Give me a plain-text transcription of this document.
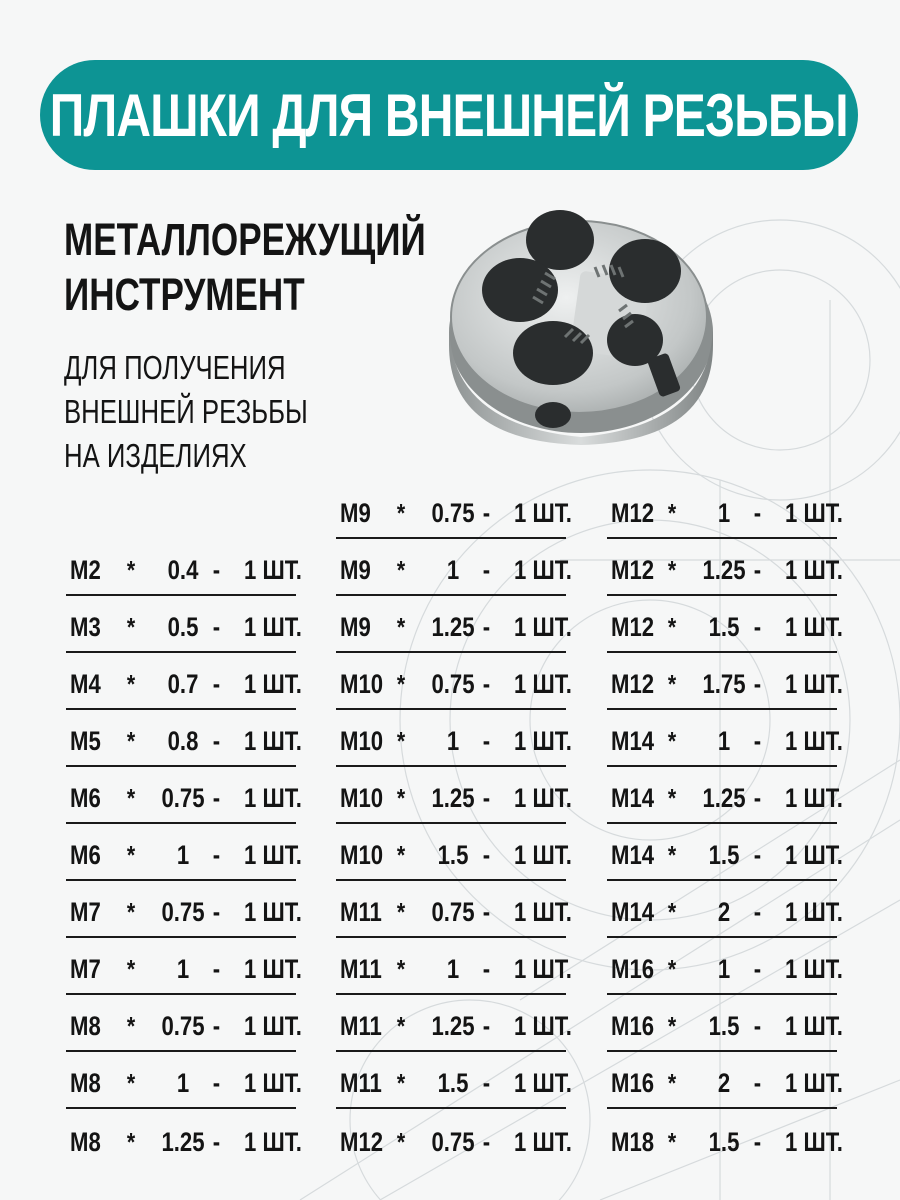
ПЛАШКИ ДЛЯ ВНЕШНЕЙ РЕЗЬБЫ
МЕТАЛЛОРЕЖУЩИЙ
ИНСТРУМЕНТ

ДЛЯ ПОЛУЧЕНИЯ
ВНЕШНЕЙ РЕЗЬБЫ
НА ИЗДЕЛИЯХ

M2 *	0.4 - 1 ШТ.
M3 *	0.5 - 1 ШТ.
M4 *	0.7 - 1 ШТ.
M5 *	0.8 - 1 ШТ.
M6 * 0.75 - 1 ШТ.
M6 *	1 - 1 ШТ.
M7 * 0.75 - 1 ШТ.
M7 *	1 - 1 ШТ.
M8 * 0.75 - 1 ШТ.
M8 *	1 - 1 ШТ.
M8 * 1.25 - 1 ШТ.
M9 * 0.75 - 1 ШТ.
M9 *	1 - 1 ШТ.
M9 * 1.25 - 1 ШТ.
M10 * 0.75 - 1 ШТ.
M10 *	1 - 1 ШТ.
M10 * 1.25 - 1 ШТ.
M10 *	1.5 - 1 ШТ.
M11 * 0.75 - 1 ШТ.
M11 *	1 - 1 ШТ.
M11 * 1.25 - 1 ШТ.
M11 *	1.5 - 1 ШТ.
M12 * 0.75 - 1 ШТ.
M12 *	1 - 1 ШТ.
M12 * 1.25 - 1 ШТ.
M12 *	1.5 - 1 ШТ.
M12 * 1.75 - 1 ШТ.
M14 *	1 - 1 ШТ.
M14 * 1.25 - 1 ШТ.
M14 *	1.5 - 1 ШТ.
M14 *	2 - 1 ШТ.
M16 *	1 - 1 ШТ.
M16 *	1.5 - 1 ШТ.
M16 *	2 - 1 ШТ.
M18 *	1.5 - 1 ШТ.
